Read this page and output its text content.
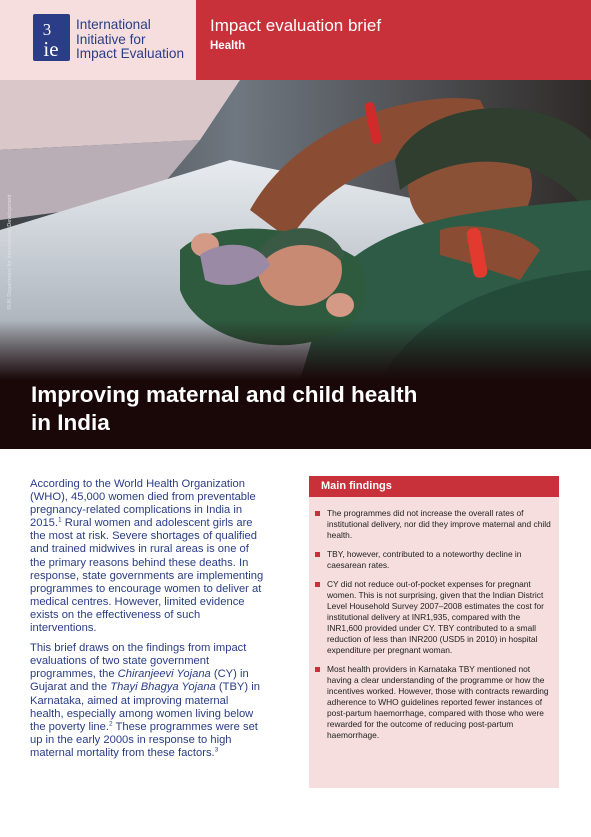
3
ie
International
Initiative for
Impact Evaluation
Impact evaluation brief
Health
©UK Department for International Development
Improving maternal and child health
in India

According to the World Health Organization (WHO), 45,000 women died from preventable pregnancy-related complications in India in 2015.$^1$ Rural women and adolescent girls are the most at risk. Severe shortages of qualified and trained midwives in rural areas is one of the primary reasons behind these deaths. In response, state governments are implementing programmes to encourage women to deliver at medical centres. However, limited evidence exists on the effectiveness of such interventions.

This brief draws on the findings from impact evaluations of two state government programmes, the Chiranjeevi Yojana (CY) in Gujarat and the Thayi Bhagya Yojana (TBY) in Karnataka, aimed at improving maternal health, especially among women living below the poverty line.$^2$ These programmes were set up in the early 2000s in response to high maternal mortality from these factors.$^3$

Main findings
The programmes did not increase the overall rates of institutional delivery, nor did they improve maternal and child health.
TBY, however, contributed to a noteworthy decline in caesarean rates.
CY did not reduce out-of-pocket expenses for pregnant women. This is not surprising, given that the Indian District Level Household Survey 2007–2008 estimates the cost for institutional delivery at INR1,935, compared with the INR1,600 provided under CY. TBY contributed to a small reduction of less than INR200 (USD5 in 2010) in hospital expenditure per pregnant woman.
Most health providers in Karnataka TBY mentioned not having a clear understanding of the programme or how the incentives worked. However, those with contracts rewarding adherence to WHO guidelines reported fewer instances of post-partum haemorrhage, compared with those who were rewarded for the outcome of reducing post-partum haemorrhage.
